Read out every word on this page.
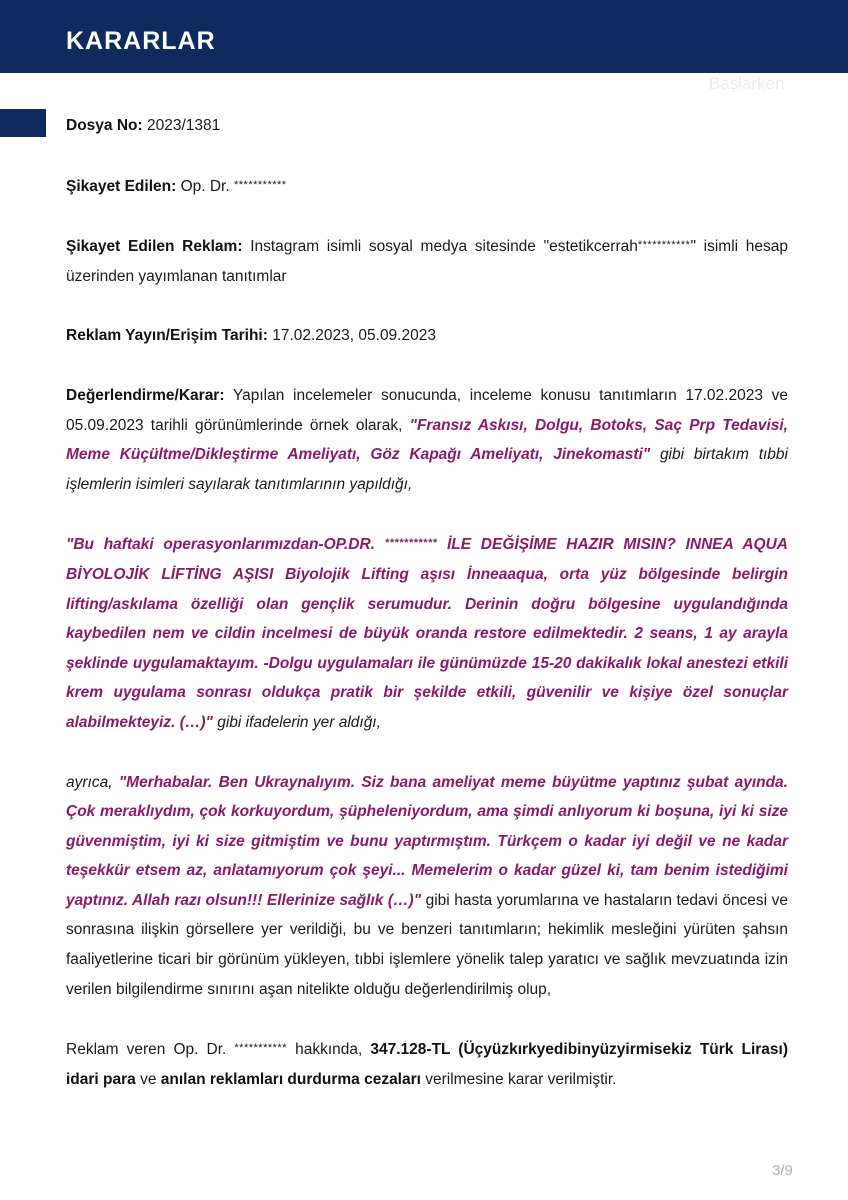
KARARLAR
Başlarken

Dosya No: 2023/1381

Şikayet Edilen: Op. Dr. ***********

Şikayet Edilen Reklam: Instagram isimli sosyal medya sitesinde "estetikcerrah***********" isimli hesap üzerinden yayımlanan tanıtımlar

Reklam Yayın/Erişim Tarihi: 17.02.2023, 05.09.2023

Değerlendirme/Karar: Yapılan incelemeler sonucunda, inceleme konusu tanıtımların 17.02.2023 ve 05.09.2023 tarihli görünümlerinde örnek olarak, "Fransız Askısı, Dolgu, Botoks, Saç Prp Tedavisi, Meme Küçültme/Dikleştirme Ameliyatı, Göz Kapağı Ameliyatı, Jinekomasti" gibi birtakım tıbbi işlemlerin isimleri sayılarak tanıtımlarının yapıldığı,

"Bu haftaki operasyonlarımızdan-OP.DR. *********** İLE DEĞİŞİME HAZIR MISIN? INNEA AQUA BİYOLOJİK LİFTİNG AŞISI Biyolojik Lifting aşısı İnneaaqua, orta yüz bölgesinde belirgin lifting/askılama özelliği olan gençlik serumudur. Derinin doğru bölgesine uygulandığında kaybedilen nem ve cildin incelmesi de büyük oranda restore edilmektedir. 2 seans, 1 ay arayla şeklinde uygulamaktayım. -Dolgu uygulamaları ile günümüzde 15-20 dakikalık lokal anestezi etkili krem uygulama sonrası oldukça pratik bir şekilde etkili, güvenilir ve kişiye özel sonuçlar alabilmekteyiz. (…)" gibi ifadelerin yer aldığı,

ayrıca, "Merhabalar. Ben Ukraynalıyım. Siz bana ameliyat meme büyütme yaptınız şubat ayında. Çok meraklıydım, çok korkuyordum, şüpheleniyordum, ama şimdi anlıyorum ki boşuna, iyi ki size güvenmiştim, iyi ki size gitmiştim ve bunu yaptırmıştım. Türkçem o kadar iyi değil ve ne kadar teşekkür etsem az, anlatamıyorum çok şeyi... Memelerim o kadar güzel ki, tam benim istediğimi yaptınız. Allah razı olsun!!! Ellerinize sağlık (…)" gibi hasta yorumlarına ve hastaların tedavi öncesi ve sonrasına ilişkin görsellere yer verildiği, bu ve benzeri tanıtımların; hekimlik mesleğini yürüten şahsın faaliyetlerine ticari bir görünüm yükleyen, tıbbi işlemlere yönelik talep yaratıcı ve sağlık mevzuatında izin verilen bilgilendirme sınırını aşan nitelikte olduğu değerlendirilmiş olup,

Reklam veren Op. Dr. *********** hakkında, 347.128-TL (Üçyüzkırkyedibinyüzyirmisekiz Türk Lirası) idari para ve anılan reklamları durdurma cezaları verilmesine karar verilmiştir.

3/9
